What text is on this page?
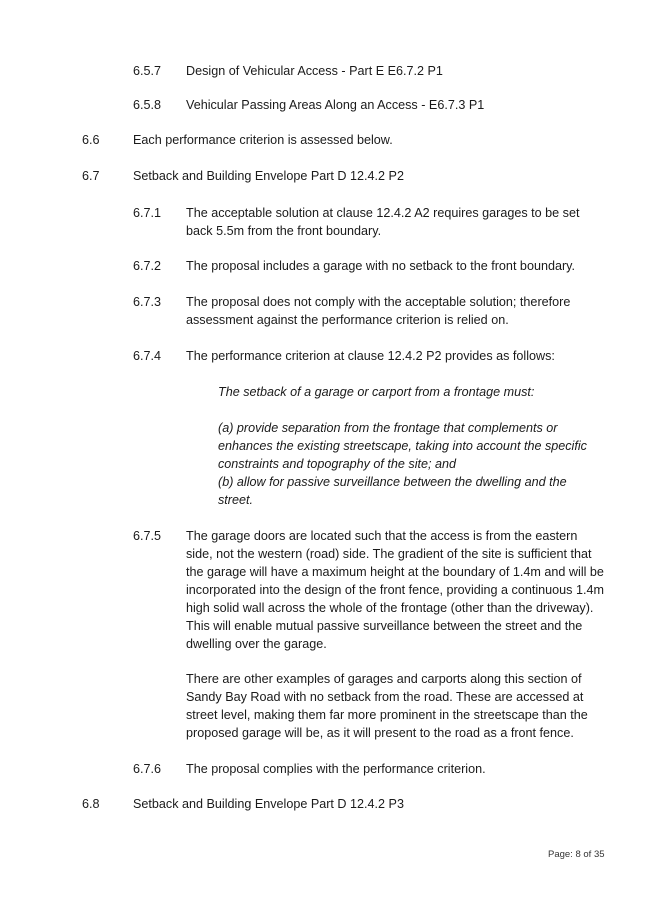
6.5.7 Design of Vehicular Access - Part E E6.7.2 P1
6.5.8 Vehicular Passing Areas Along an Access - E6.7.3 P1
6.6	Each performance criterion is assessed below.
6.7	Setback and Building Envelope Part D 12.4.2 P2
6.7.1 The acceptable solution at clause 12.4.2 A2 requires garages to be set back 5.5m from the front boundary.
6.7.2 The proposal includes a garage with no setback to the front boundary.
6.7.3 The proposal does not comply with the acceptable solution; therefore assessment against the performance criterion is relied on.
6.7.4 The performance criterion at clause 12.4.2 P2 provides as follows:
The setback of a garage or carport from a frontage must:
(a) provide separation from the frontage that complements or enhances the existing streetscape, taking into account the specific constraints and topography of the site; and
(b) allow for passive surveillance between the dwelling and the street.
6.7.5 The garage doors are located such that the access is from the eastern side, not the western (road) side. The gradient of the site is sufficient that the garage will have a maximum height at the boundary of 1.4m and will be incorporated into the design of the front fence, providing a continuous 1.4m high solid wall across the whole of the frontage (other than the driveway). This will enable mutual passive surveillance between the street and the dwelling over the garage.
There are other examples of garages and carports along this section of Sandy Bay Road with no setback from the road. These are accessed at street level, making them far more prominent in the streetscape than the proposed garage will be, as it will present to the road as a front fence.
6.7.6 The proposal complies with the performance criterion.
6.8	Setback and Building Envelope Part D 12.4.2 P3
Page: 8 of 35
